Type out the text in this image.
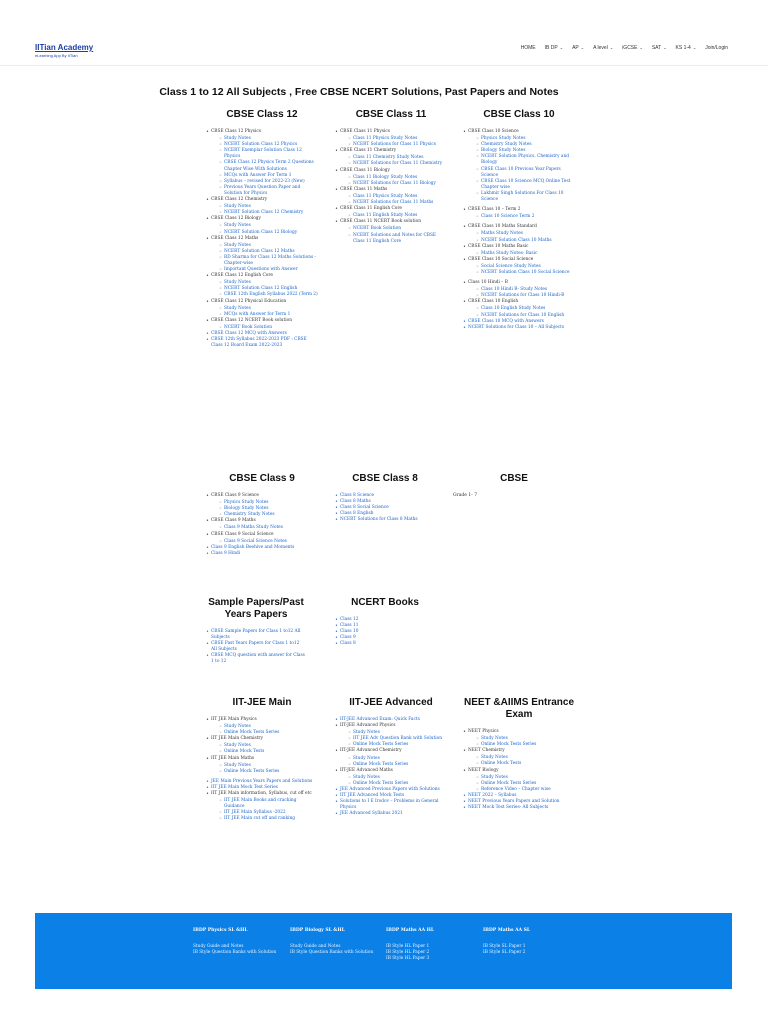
IITian Academy
eLearning App By IITian
HOME IB DP ⌄ AP ⌄ A level ⌄ iGCSE ⌄ SAT ⌄ KS 1-4 ⌄ Join/Login
Class 1 to 12 All Subjects , Free CBSE NCERT Solutions, Past Papers and Notes
CBSE Class 12
• CBSE Class 12 Physics
◦ Study Notes
◦ NCERT Solution Class 12 Physics
◦ NCERT Exemplar Solution Class 12 Physics
◦ CBSE Class 12 Physics Term 2 Questions Chapter Wise With Solutions
◦ MCQs with Answer For Term 1
◦ Syllabus – revised for 2022-23 (New)
◦ Previous Years Question Paper and Solution for Physics
• CBSE Class 12 Chemistry
◦ Study Notes
◦ NCERT Solution Class 12 Chemistry
• CBSE Class 12 Biology
◦ Study Notes
◦ NCERT Solution Class 12 Biology
• CBSE Class 12 Maths
◦ Study Notes
◦ NCERT Solution Class 12 Maths
◦ RD Sharma for Class 12 Maths Solutions -Chapter-wise
◦ Important Questions with Answer
• CBSE Class 12 English Core
◦ Study Notes
◦ NCERT Solution Class 12 English
◦ CBSE 12th English Syllabus 2022 (Term 2)
• CBSE Class 12 Physical Education
◦ Study Notes
◦ MCQs with Answer for Term 1
• CBSE Class 12 NCERT Book solution
◦ NCERT Book Solution
• CBSE Class 12 MCQ with Answers
• CBSE 12th Syllabus 2022-2023 PDF : CBSE Class 12 Board Exam 2022-2023
CBSE Class 11
• CBSE Class 11 Physics
◦ Class 11 Physics Study Notes
◦ NCERT Solutions for Class 11 Physics
• CBSE Class 11 Chemistry
◦ Class 11 Chemistry Study Notes
◦ NCERT Solutions for Class 11 Chemistry
• CBSE Class 11 Biology
◦ Class 11 Biology Study Notes
◦ NCERT Solutions for Class 11 Biology
• CBSE Class 11 Maths
◦ Class 11 Physics Study Notes
◦ NCERT Solutions for Class 11 Maths
• CBSE Class 11 English Core
◦ Class 11 English Study Notes
• CBSE Class 11 NCERT Book solution
◦ NCERT Book Solution
◦ NCERT Solutions and Notes for CBSE Class 11 English Core
CBSE Class 10
• CBSE Class 10 Science
◦ Physics Study Notes
◦ Chemistry Study Notes
◦ Biology Study Notes
◦ NCERT Solution Physics, Chemistry and Biology
◦ CBSE Class 10 Previous Year Papers Science
◦ CBSE Class 10 Science MCQ Online Test Chapter wise
◦ Lakhmir Singh Solutions For Class 10 Science
• CBSE Class 10 – Term 2
◦ Class 10 Science Term 2
• CBSE Class 10 Maths Standard
◦ Maths Study Notes
◦ NCERT Solution Class 10 Maths
• CBSE Class 10 Maths Basic
◦ Maths Study Notes- Basic
• CBSE Class 10 Social Science
◦ Social Science Study Notes
◦ NCERT Solution Class 10 Social Science
• Class 10 Hindi – B
◦ Class 10 Hindi B- Study Notes
◦ NCERT Solutions for Class 10 Hindi-B
• CBSE Class 10 English
◦ Class 10 English Study Notes
◦ NCERT Solutions for Class 10 English
• CBSE Class 10 MCQ with Answers
• NCERT Solutions for Class 10 – All Subjects
CBSE Class 9
• CBSE Class 9 Science
◦ Physics Study Notes
◦ Biology Study Notes
◦ Chemistry Study Notes
• CBSE Class 9 Maths
◦ Class 9 Maths Study Notes
• CBSE Class 9 Social Science
◦ Class 9 Social Science Notes
• Class 9 English Beehive and Moments
• Class 9 Hindi
CBSE Class 8
• Class 8 Science
• Class 8 Maths
• Class 8 Social Science
• Class 8 English
• NCERT Solutions for Class 8 Maths
CBSE
Grade 1- 7
Sample Papers/Past Years Papers
• CBSE Sample Papers for Class 1 to12 All Subjects
• CBSE Past Years Papers for Class 1 to12 All Subjects
• CBSE MCQ question with answer for Class 1 to 12
NCERT Books
• Class 12
• Class 11
• Class 10
• Class 9
• Class 8
IIT-JEE Main
• IIT JEE Main Physics
◦ Study Notes
◦ Online Mock Tests Series
• IIT JEE Main Chemistry
◦ Study Notes
◦ Online Mock Tests
• IIT JEE Main Maths
◦ Study Notes
◦ Online Mock Tests Series
• JEE Main Previous Years Papers and Solutions
• IIT JEE Main Mock Test Series
• IIT JEE Main information, Syllabus, cut off etc
◦ IIT JEE Main Books and cracking Guidance
◦ IIT JEE Main Syllabus -2022
◦ IIT JEE Main cut off and ranking
IIT-JEE Advanced
• IIT-JEE Advanced Exam: Quick Facts
• IIT-JEE Advanced Physics
◦ Study Notes
◦ IIT JEE Adv Question Bank with Solution
◦ Online Mock Tests Series
• IIT-JEE Advanced Chemistry
◦ Study Notes
◦ Online Mock Tests Series
• IIT-JEE Advanced Maths
◦ Study Notes
◦ Online Mock Tests Series
• JEE Advanced Previous Papers with Solutions
• IIT JEE Advanced Mock Tests
• Solutions to I E Irodov – Problems in General Physics
• JEE Advanced Syllabus 2021
NEET &AIIMS Entrance Exam
• NEET Physics
◦ Study Notes
◦ Online Mock Tests Series
• NEET Chemistry
◦ Study Notes
◦ Online Mock Tests
• NEET Biology
◦ Study Notes
◦ Online Mock Tests Series
◦ Reference Video – Chapter wise
• NEET 2022 – Syllabus
• NEET Previous Years Papers and Solution
• NEET Mock Test Series- All Subjects
IBDP Physics SL &HL
Study Guide and Notes
IB Style Question Banks with Solution
IBDP Biology SL &HL
Study Guide and Notes
IB Style Question Banks with Solution
IBDP Maths AA HL
IB Style HL Paper 1
IB Style HL Paper 2
IB Style HL Paper 3
IBDP Maths AA SL
IB Style SL Paper 1
IB Style SL Paper 2
